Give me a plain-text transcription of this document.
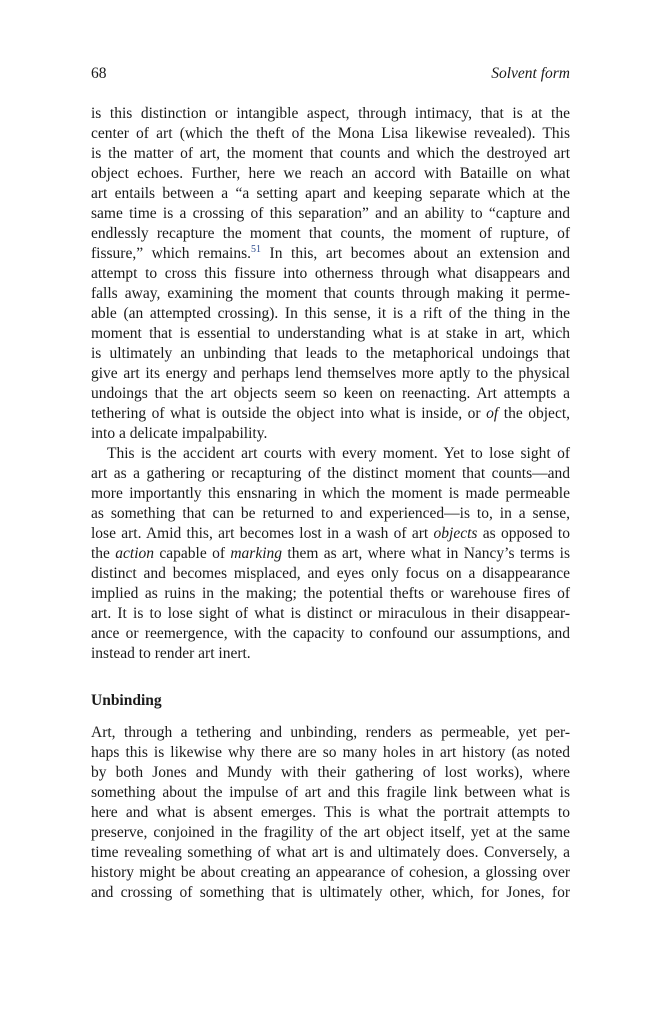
68	Solvent form
is this distinction or intangible aspect, through intimacy, that is at the
center of art (which the theft of the Mona Lisa likewise revealed). This
is the matter of art, the moment that counts and which the destroyed art
object echoes. Further, here we reach an accord with Bataille on what
art entails between a “a setting apart and keeping separate which at the
same time is a crossing of this separation” and an ability to “capture and
endlessly recapture the moment that counts, the moment of rupture, of
fissure,” which remains.$^{51}$ In this, art becomes about an extension and
attempt to cross this fissure into otherness through what disappears and
falls away, examining the moment that counts through making it perme-
able (an attempted crossing). In this sense, it is a rift of the thing in the
moment that is essential to understanding what is at stake in art, which
is ultimately an unbinding that leads to the metaphorical undoings that
give art its energy and perhaps lend themselves more aptly to the physical
undoings that the art objects seem so keen on reenacting. Art attempts a
tethering of what is outside the object into what is inside, or of the object,
into a delicate impalpability.
This is the accident art courts with every moment. Yet to lose sight of
art as a gathering or recapturing of the distinct moment that counts—and
more importantly this ensnaring in which the moment is made permeable
as something that can be returned to and experienced—is to, in a sense,
lose art. Amid this, art becomes lost in a wash of art objects as opposed to
the action capable of marking them as art, where what in Nancy’s terms is
distinct and becomes misplaced, and eyes only focus on a disappearance
implied as ruins in the making; the potential thefts or warehouse fires of
art. It is to lose sight of what is distinct or miraculous in their disappear-
ance or reemergence, with the capacity to confound our assumptions, and
instead to render art inert.
Unbinding
Art, through a tethering and unbinding, renders as permeable, yet per-
haps this is likewise why there are so many holes in art history (as noted
by both Jones and Mundy with their gathering of lost works), where
something about the impulse of art and this fragile link between what is
here and what is absent emerges. This is what the portrait attempts to
preserve, conjoined in the fragility of the art object itself, yet at the same
time revealing something of what art is and ultimately does. Conversely, a
history might be about creating an appearance of cohesion, a glossing over
and crossing of something that is ultimately other, which, for Jones, for
